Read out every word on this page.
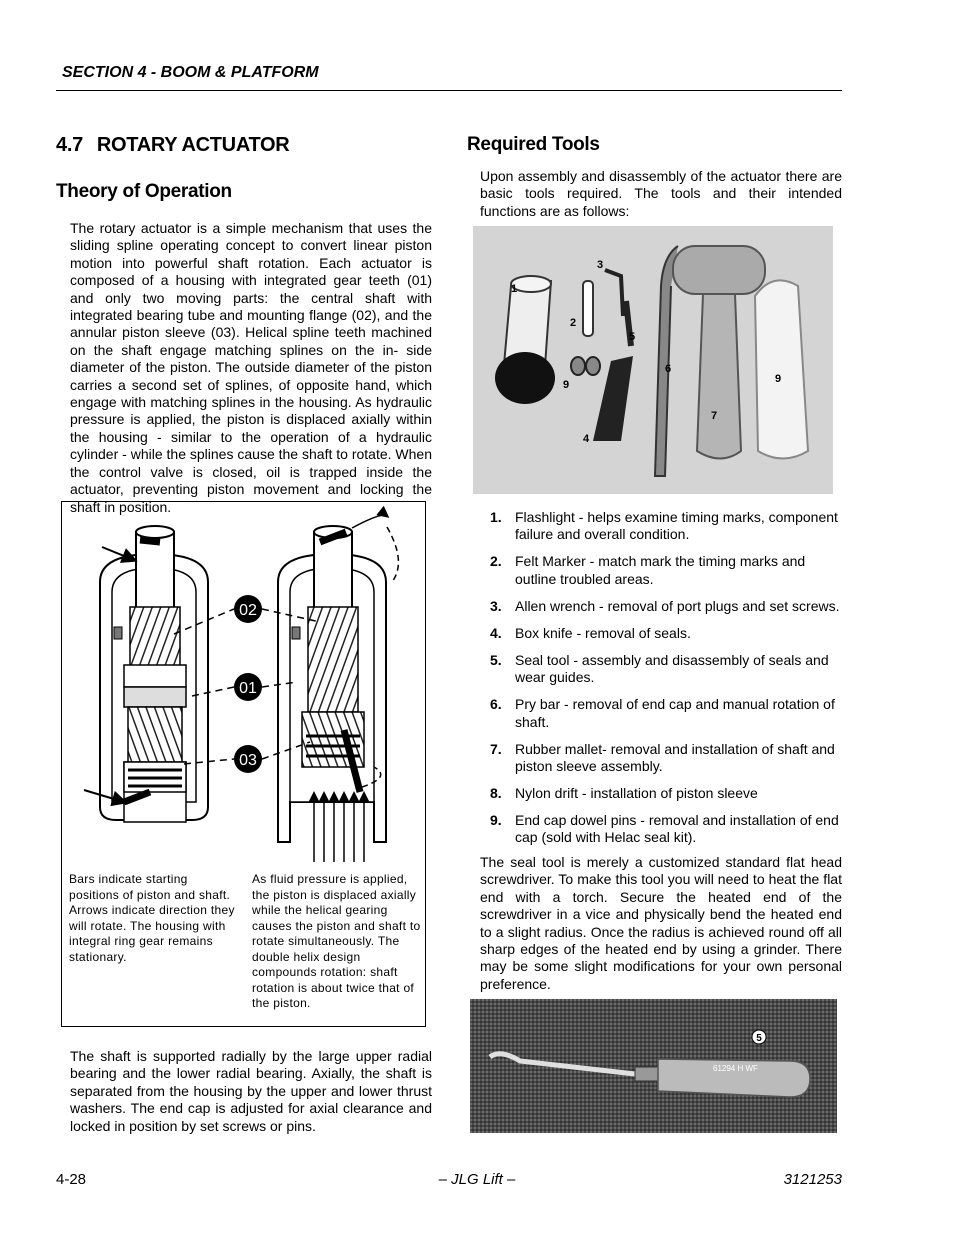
SECTION 4 - BOOM & PLATFORM
4.7 ROTARY ACTUATOR
Theory of Operation

The rotary actuator is a simple mechanism that uses the sliding spline operating concept to convert linear piston motion into powerful shaft rotation. Each actuator is composed of a housing with integrated gear teeth (01) and only two moving parts: the central shaft with integrated bearing tube and mounting flange (02), and the annular piston sleeve (03). Helical spline teeth machined on the shaft engage matching splines on the in- side diameter of the piston. The outside diameter of the piston carries a second set of splines, of opposite hand, which engage with matching splines in the housing. As hydraulic pressure is applied, the piston is displaced axially within the housing - similar to the operation of a hydraulic cylinder - while the splines cause the shaft to rotate. When the control valve is closed, oil is trapped inside the actuator, preventing piston movement and locking the shaft in position.

02
01
03

Bars indicate starting positions of piston and shaft. Arrows indicate direction they will rotate. The housing with integral ring gear remains stationary.

As fluid pressure is applied, the piston is displaced axially while the helical gearing causes the piston and shaft to rotate simultaneously. The double helix design compounds rotation: shaft rotation is about twice that of the piston.

The shaft is supported radially by the large upper radial bearing and the lower radial bearing. Axially, the shaft is separated from the housing by the upper and lower thrust washers. The end cap is adjusted for axial clearance and locked in position by set screws or pins.

Required Tools

Upon assembly and disassembly of the actuator there are basic tools required. The tools and their intended functions are as follows:

1
2
3
4
5
6
7
9	9
1. Flashlight - helps examine timing marks, component failure and overall condition.
2. Felt Marker - match mark the timing marks and outline troubled areas.
3. Allen wrench - removal of port plugs and set screws.
4. Box knife - removal of seals.
5. Seal tool - assembly and disassembly of seals and wear guides.
6. Pry bar - removal of end cap and manual rotation of shaft.
7. Rubber mallet- removal and installation of shaft and piston sleeve assembly.
8. Nylon drift - installation of piston sleeve
9. End cap dowel pins - removal and installation of end cap (sold with Helac seal kit).

The seal tool is merely a customized standard flat head screwdriver. To make this tool you will need to heat the flat end with a torch. Secure the heated end of the screwdriver in a vice and physically bend the heated end to a slight radius. Once the radius is achieved round off all sharp edges of the heated end by using a grinder. There may be some slight modifications for your own personal preference.

61294 H WF
5
4-28	– JLG Lift –	3121253
